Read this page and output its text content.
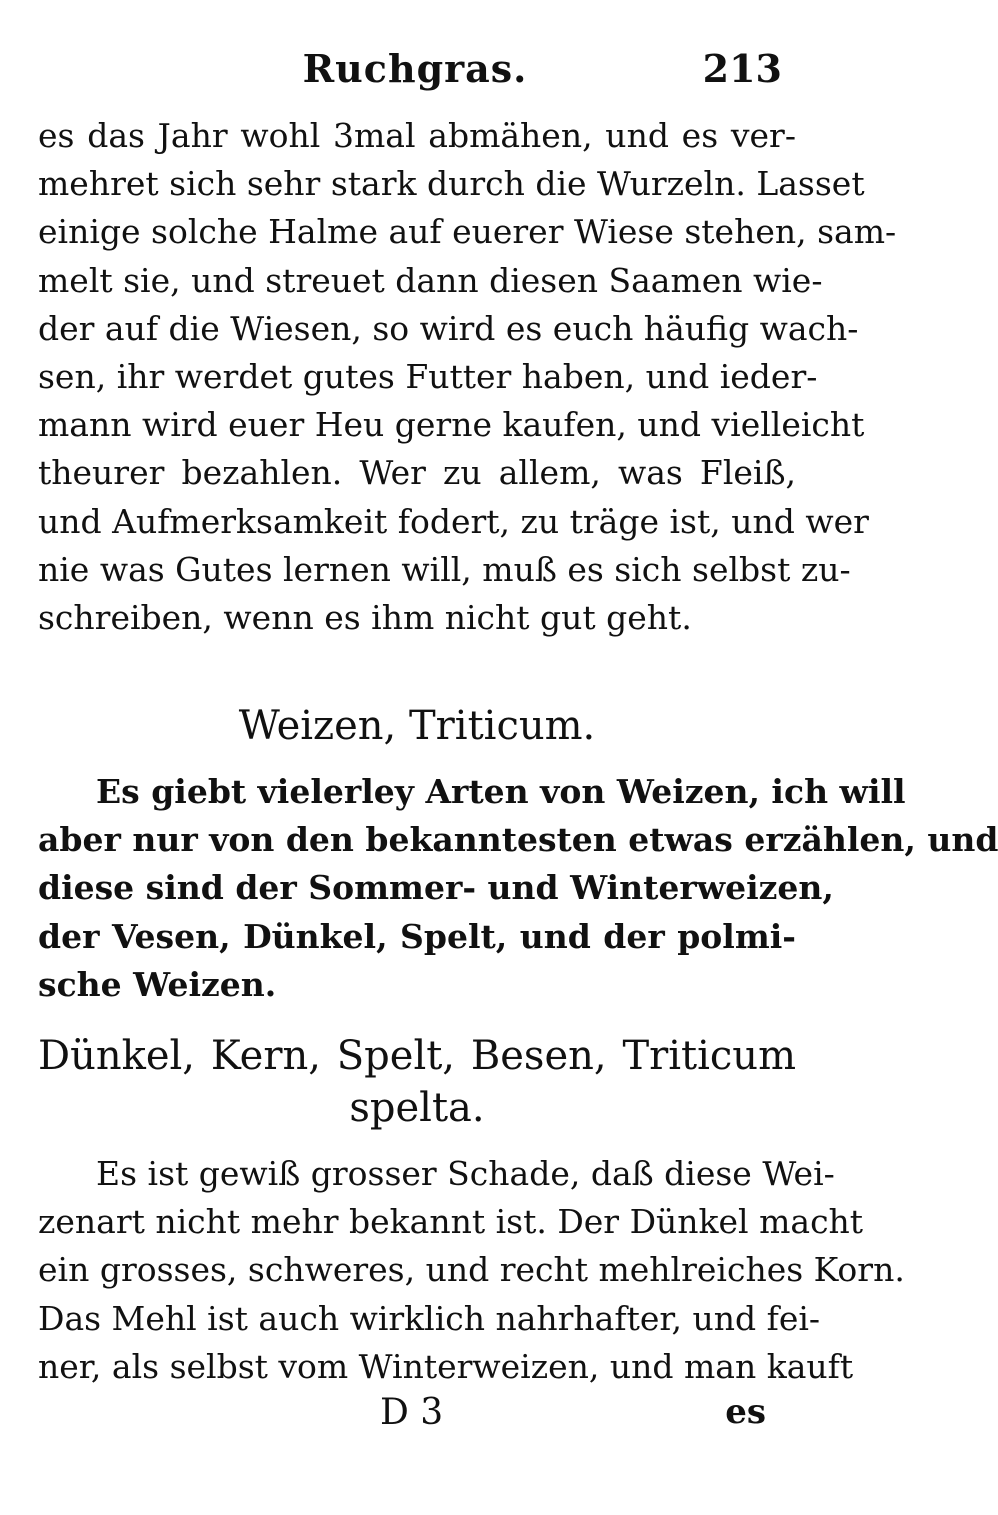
Ruchgras.	213
es das Jahr wohl 3mal abmähen, und es ver-
mehret sich sehr stark durch die Wurzeln. Lasset
einige solche Halme auf euerer Wiese stehen, sam-
melt sie, und streuet dann diesen Saamen wie-
der auf die Wiesen, so wird es euch häufig wach-
sen, ihr werdet gutes Futter haben, und ieder-
mann wird euer Heu gerne kaufen, und vielleicht
theurer bezahlen. Wer zu allem, was Fleiß,
und Aufmerksamkeit fodert, zu träge ist, und wer
nie was Gutes lernen will, muß es sich selbst zu-
schreiben, wenn es ihm nicht gut geht.
Weizen, Triticum.
Es giebt vielerley Arten von Weizen, ich will
aber nur von den bekanntesten etwas erzählen, und
diese sind der Sommer- und Winterweizen,
der Vesen, Dünkel, Spelt, und der polmi-
sche Weizen.
Dünkel, Kern, Spelt, Besen, Triticum
spelta.
Es ist gewiß grosser Schade, daß diese Wei-
zenart nicht mehr bekannt ist. Der Dünkel macht
ein grosses, schweres, und recht mehlreiches Korn.
Das Mehl ist auch wirklich nahrhafter, und fei-
ner, als selbst vom Winterweizen, und man kauft
D 3	es
